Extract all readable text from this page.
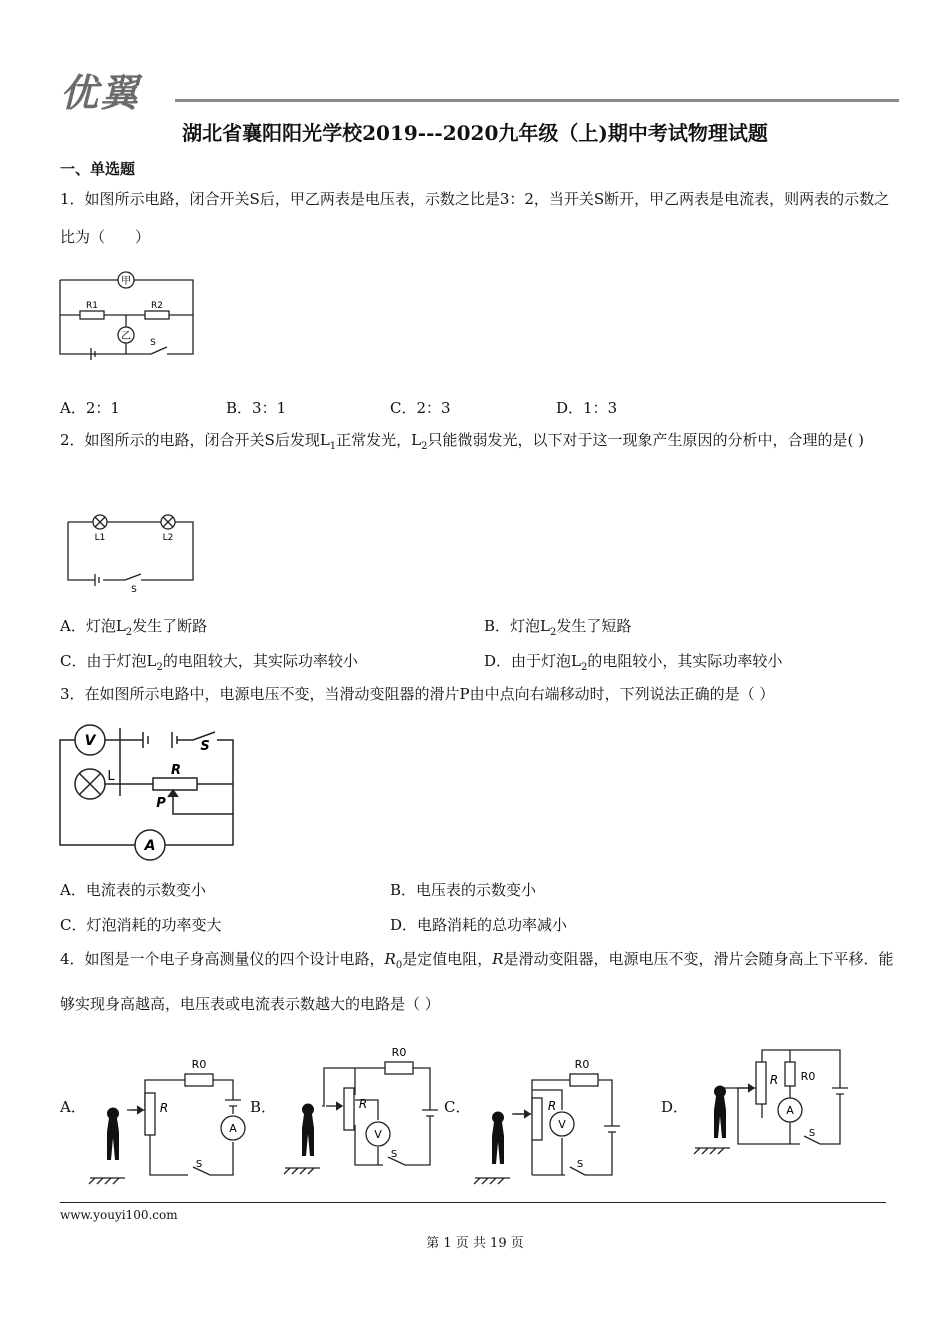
优翼
湖北省襄阳阳光学校2019---2020九年级（上)期中考试物理试题
一、单选题
1．如图所示电路，闭合开关S后，甲乙两表是电压表，示数之比是3：2，当开关S断开，甲乙两表是电流表，则两表的示数之比为（　　）
甲
乙
R1	R2
S
A．2：1	B．3：1	C．2：3	D．1：3
2．如图所示的电路，闭合开关S后发现$L_1$正常发光，$L_2$只能微弱发光，以下对于这一现象产生原因的分析中，合理的是( )
L1	L2
S
A．灯泡$L_2$发生了断路	B．灯泡$L_2$发生了短路
C．由于灯泡$L_2$的电阻较大，其实际功率较小	D．由于灯泡$L_2$的电阻较小，其实际功率较小
3．在如图所示电路中，电源电压不变，当滑动变阻器的滑片P由中点向右端移动时，下列说法正确的是（ ）
V
L	R
P
A
S
A．电流表的示数变小	B．电压表的示数变小
C．灯泡消耗的功率变大	D．电路消耗的总功率减小
4．如图是一个电子身高测量仪的四个设计电路，$R_0$是定值电阻，R是滑动变阻器，电源电压不变，滑片会随身高上下平移．能够实现身高越高，电压表或电流表示数越大的电路是（ ）
A．	B．	C．	D．
R0
R
A
S
R0
R
V
S
R0
R
V
S
R0
R
A
S
www.youyi100.com
第 1 页 共 19 页
